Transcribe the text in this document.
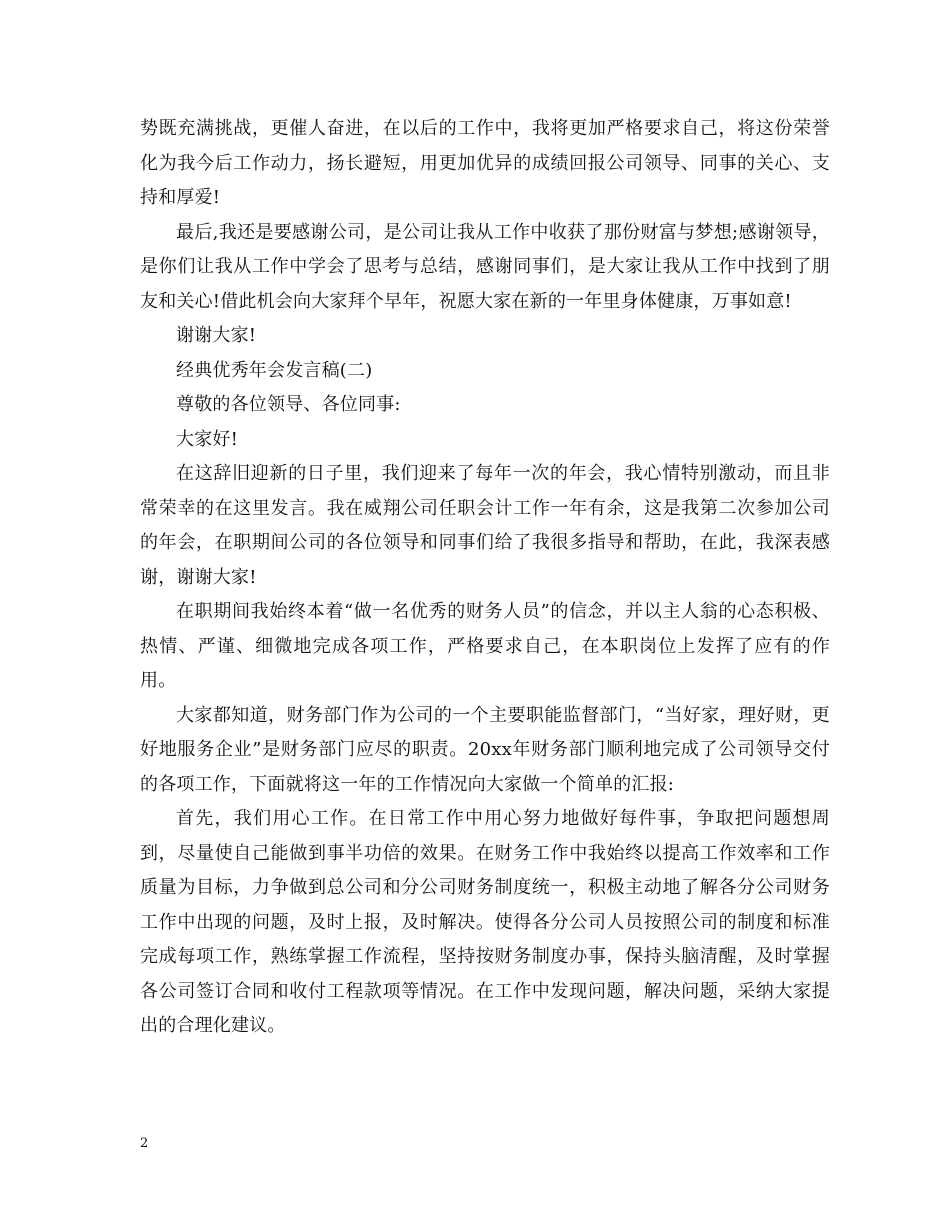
势既充满挑战，更催人奋进，在以后的工作中，我将更加严格要求自己，将这份荣誉化为我今后工作动力，扬长避短，用更加优异的成绩回报公司领导、同事的关心、支持和厚爱!

最后,我还是要感谢公司，是公司让我从工作中收获了那份财富与梦想;感谢领导，是你们让我从工作中学会了思考与总结，感谢同事们，是大家让我从工作中找到了朋友和关心!借此机会向大家拜个早年，祝愿大家在新的一年里身体健康，万事如意!

谢谢大家!

经典优秀年会发言稿(二)

尊敬的各位领导、各位同事:

大家好!

在这辞旧迎新的日子里，我们迎来了每年一次的年会，我心情特别激动，而且非常荣幸的在这里发言。我在威翔公司任职会计工作一年有余，这是我第二次参加公司的年会，在职期间公司的各位领导和同事们给了我很多指导和帮助，在此，我深表感谢，谢谢大家!

在职期间我始终本着“做一名优秀的财务人员”的信念，并以主人翁的心态积极、热情、严谨、细微地完成各项工作，严格要求自己，在本职岗位上发挥了应有的作用。

大家都知道，财务部门作为公司的一个主要职能监督部门，“当好家，理好财，更好地服务企业”是财务部门应尽的职责。20xx年财务部门顺利地完成了公司领导交付的各项工作，下面就将这一年的工作情况向大家做一个简单的汇报:

首先，我们用心工作。在日常工作中用心努力地做好每件事，争取把问题想周到，尽量使自己能做到事半功倍的效果。在财务工作中我始终以提高工作效率和工作质量为目标，力争做到总公司和分公司财务制度统一，积极主动地了解各分公司财务工作中出现的问题，及时上报，及时解决。使得各分公司人员按照公司的制度和标准完成每项工作，熟练掌握工作流程，坚持按财务制度办事，保持头脑清醒，及时掌握各公司签订合同和收付工程款项等情况。在工作中发现问题，解决问题，采纳大家提出的合理化建议。

2
